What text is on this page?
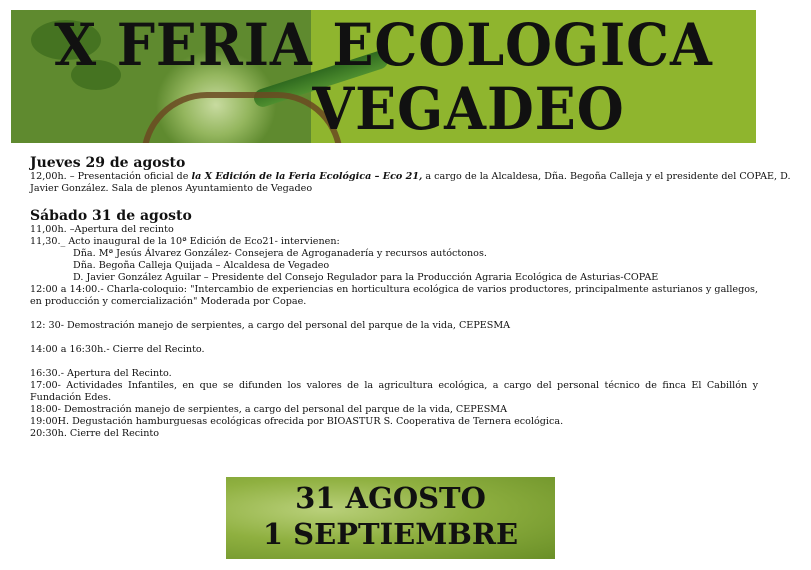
X FERIA ECOLOGICA
VEGADEO

Jueves 29 de agosto

12,00h. – Presentación oficial de la X Edición de la Feria Ecológica – Eco 21, a cargo de la Alcaldesa, Dña. Begoña Calleja y el presidente del COPAE, D.

Javier González. Sala de plenos Ayuntamiento de Vegadeo

Sábado 31 de agosto

11,00h. –Apertura del recinto

11,30._ Acto inaugural de la 10ª Edición de Eco21- intervienen:

Dña. Mª Jesús Álvarez González- Consejera de Agroganadería y recursos autóctonos.

Dña. Begoña Calleja Quijada – Alcaldesa de Vegadeo

D. Javier González Aguilar – Presidente del Consejo Regulador para la Producción Agraria Ecológica de Asturias-COPAE

12:00 a 14:00.- Charla-coloquio: "Intercambio de experiencias en horticultura ecológica de varios productores, principalmente asturianos y gallegos, en producción y comercialización" Moderada por Copae.

12: 30- Demostración manejo de serpientes, a cargo del personal del parque de la vida, CEPESMA

14:00 a 16:30h.- Cierre del Recinto.

16:30.- Apertura del Recinto.

17:00- Actividades Infantiles, en que se difunden los valores de la agricultura ecológica, a cargo del personal técnico de finca El Cabillón y Fundación Edes.

18:00- Demostración manejo de serpientes, a cargo del personal del parque de la vida, CEPESMA

19:00H. Degustación hamburguesas ecológicas ofrecida por BIOASTUR S. Cooperativa de Ternera ecológica.

20:30h. Cierre del Recinto

31 AGOSTO

1 SEPTIEMBRE
